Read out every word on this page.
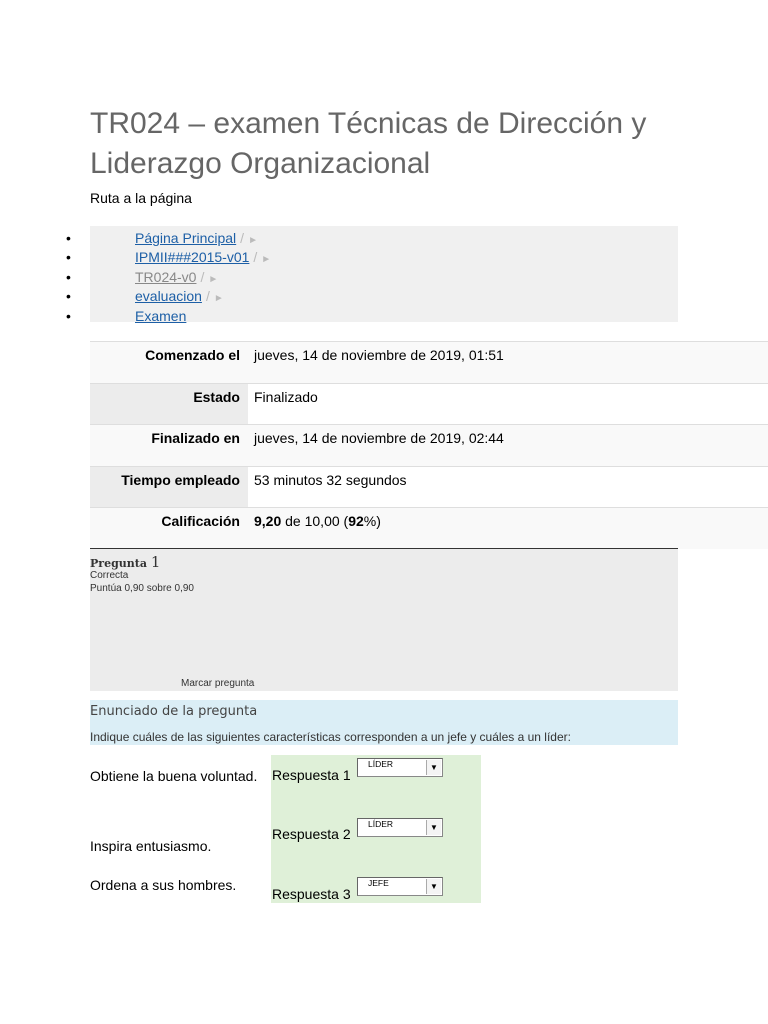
TR024 – examen Técnicas de Dirección y Liderazgo Organizacional
Ruta a la página
• Página Principal / ►
• IPMII###2015-v01 / ►
• TR024-v0 / ►
• evaluacion / ►
• Examen
Comenzado el	jueves, 14 de noviembre de 2019, 01:51
Estado	Finalizado
Finalizado en	jueves, 14 de noviembre de 2019, 02:44
Tiempo empleado	53 minutos 32 segundos
Calificación	9,20 de 10,00 (92%)
Pregunta 1
Correcta
Puntúa 0,90 sobre 0,90
Marcar pregunta
Enunciado de la pregunta
Indique cuáles de las siguientes características corresponden a un jefe y cuáles a un líder:
Obtiene la buena voluntad. Respuesta 1
LÍDER	▼
Inspira entusiasmo.
Respuesta 2
LÍDER	▼
Ordena a sus hombres.
Respuesta 3
JEFE	▼
